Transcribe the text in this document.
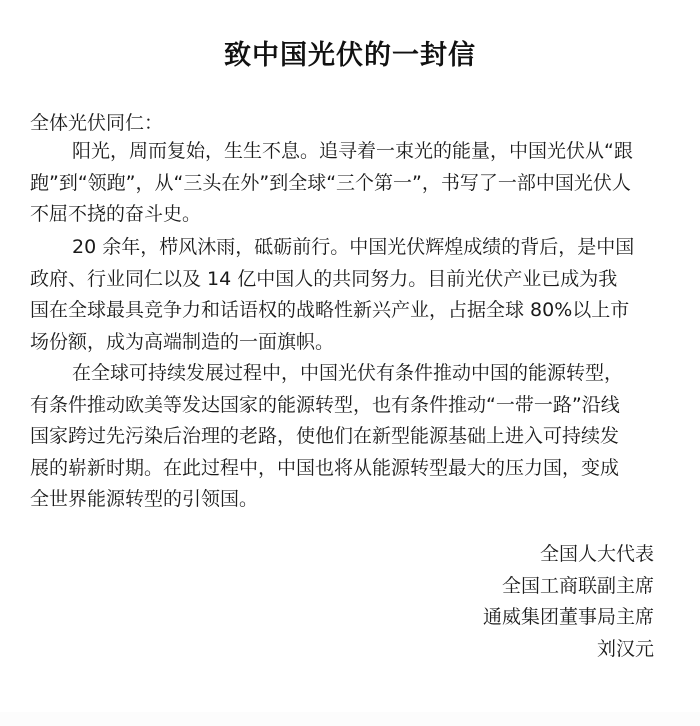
致中国光伏的一封信
全体光伏同仁：
阳光，周而复始，生生不息。追寻着一束光的能量，中国光伏从“跟
跑”到“领跑”，从“三头在外”到全球“三个第一”，书写了一部中国光伏人
不屈不挠的奋斗史。
20 余年，栉风沐雨，砥砺前行。中国光伏辉煌成绩的背后，是中国
政府、行业同仁以及 14 亿中国人的共同努力。目前光伏产业已成为我
国在全球最具竞争力和话语权的战略性新兴产业，占据全球 80%以上市
场份额，成为高端制造的一面旗帜。
在全球可持续发展过程中，中国光伏有条件推动中国的能源转型，
有条件推动欧美等发达国家的能源转型，也有条件推动“一带一路”沿线
国家跨过先污染后治理的老路，使他们在新型能源基础上进入可持续发
展的崭新时期。在此过程中，中国也将从能源转型最大的压力国，变成
全世界能源转型的引领国。
全国人大代表
全国工商联副主席
通威集团董事局主席
刘汉元
